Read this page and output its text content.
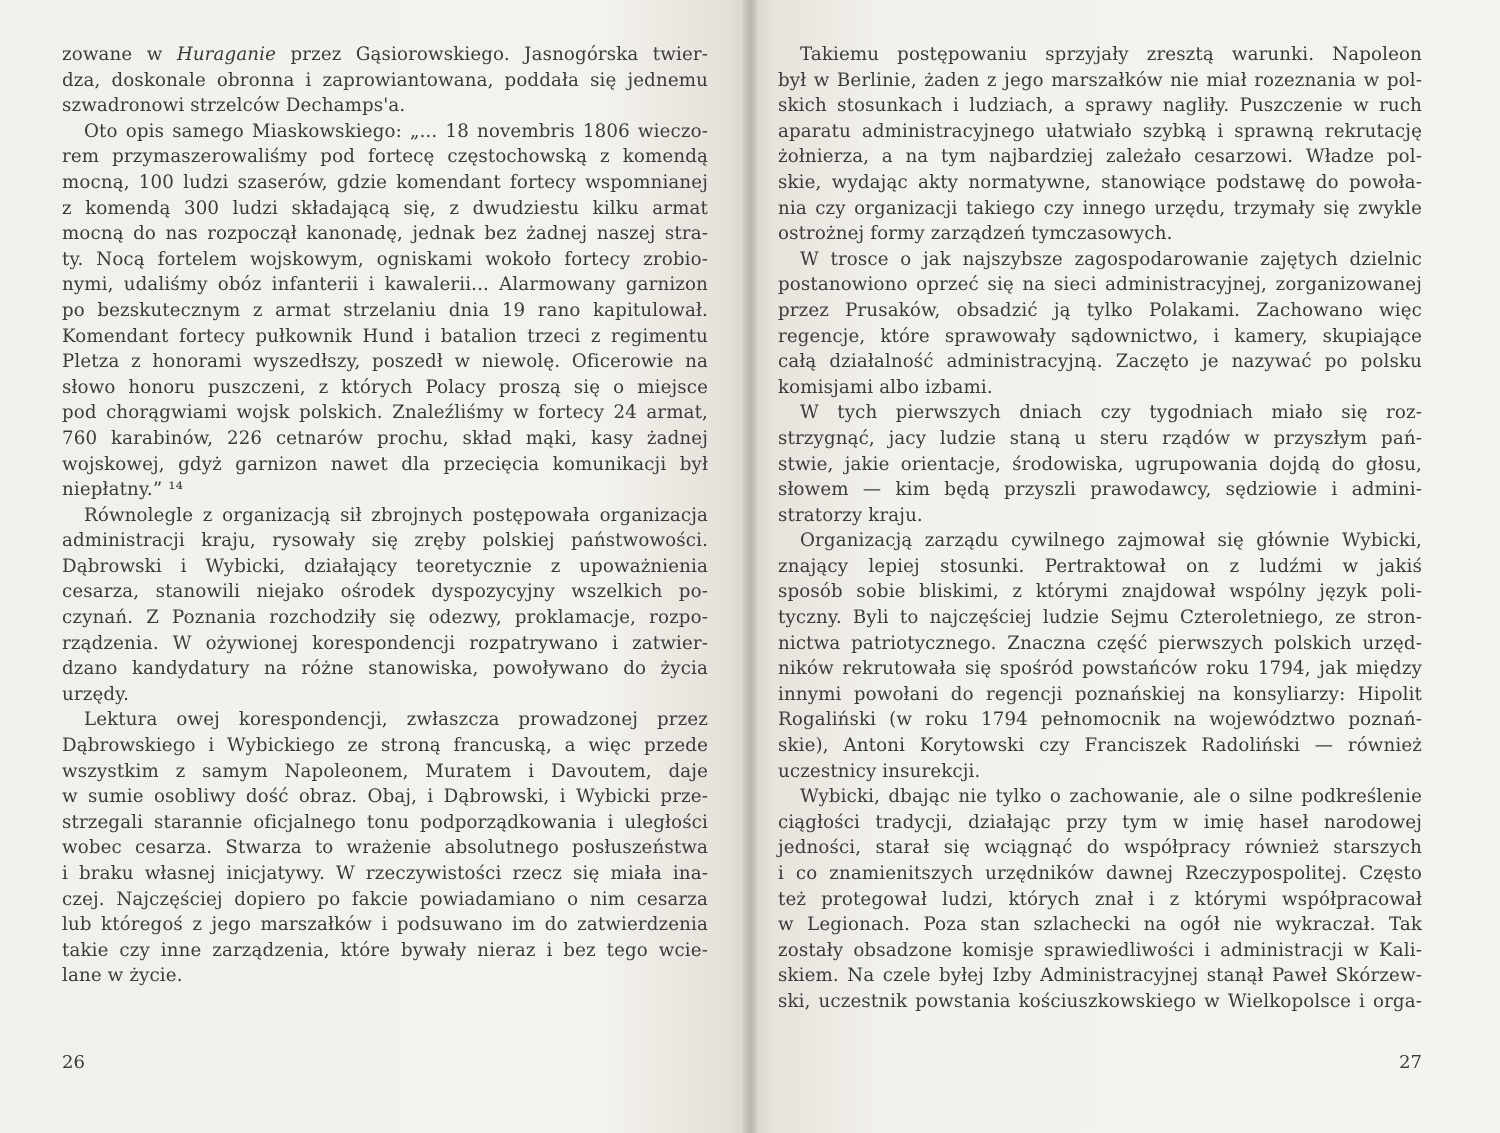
zowane w Huraganie przez Gąsiorowskiego. Jasnogórska twier-
dza, doskonale obronna i zaprowiantowana, poddała się jednemu
szwadronowi strzelców Dechamps'a.
Oto opis samego Miaskowskiego: „... 18 novembris 1806 wieczo-
rem przymaszerowaliśmy pod fortecę częstochowską z komendą
mocną, 100 ludzi szaserów, gdzie komendant fortecy wspomnianej
z komendą 300 ludzi składającą się, z dwudziestu kilku armat
mocną do nas rozpoczął kanonadę, jednak bez żadnej naszej stra-
ty. Nocą fortelem wojskowym, ogniskami wokoło fortecy zrobio-
nymi, udaliśmy obóz infanterii i kawalerii... Alarmowany garnizon
po bezskutecznym z armat strzelaniu dnia 19 rano kapitulował.
Komendant fortecy pułkownik Hund i batalion trzeci z regimentu
Pletza z honorami wyszedłszy, poszedł w niewolę. Oficerowie na
słowo honoru puszczeni, z których Polacy proszą się o miejsce
pod chorągwiami wojsk polskich. Znaleźliśmy w fortecy 24 armat,
760 karabinów, 226 cetnarów prochu, skład mąki, kasy żadnej
wojskowej, gdyż garnizon nawet dla przecięcia komunikacji był
niepłatny.” ¹⁴
Równolegle z organizacją sił zbrojnych postępowała organizacja
administracji kraju, rysowały się zręby polskiej państwowości.
Dąbrowski i Wybicki, działający teoretycznie z upoważnienia
cesarza, stanowili niejako ośrodek dyspozycyjny wszelkich po-
czynań. Z Poznania rozchodziły się odezwy, proklamacje, rozpo-
rządzenia. W ożywionej korespondencji rozpatrywano i zatwier-
dzano kandydatury na różne stanowiska, powoływano do życia
urzędy.
Lektura owej korespondencji, zwłaszcza prowadzonej przez
Dąbrowskiego i Wybickiego ze stroną francuską, a więc przede
wszystkim z samym Napoleonem, Muratem i Davoutem, daje
w sumie osobliwy dość obraz. Obaj, i Dąbrowski, i Wybicki prze-
strzegali starannie oficjalnego tonu podporządkowania i uległości
wobec cesarza. Stwarza to wrażenie absolutnego posłuszeństwa
i braku własnej inicjatywy. W rzeczywistości rzecz się miała ina-
czej. Najczęściej dopiero po fakcie powiadamiano o nim cesarza
lub któregoś z jego marszałków i podsuwano im do zatwierdzenia
takie czy inne zarządzenia, które bywały nieraz i bez tego wcie-
lane w życie.
26
Takiemu postępowaniu sprzyjały zresztą warunki. Napoleon
był w Berlinie, żaden z jego marszałków nie miał rozeznania w pol-
skich stosunkach i ludziach, a sprawy nagliły. Puszczenie w ruch
aparatu administracyjnego ułatwiało szybką i sprawną rekrutację
żołnierza, a na tym najbardziej zależało cesarzowi. Władze pol-
skie, wydając akty normatywne, stanowiące podstawę do powoła-
nia czy organizacji takiego czy innego urzędu, trzymały się zwykle
ostrożnej formy zarządzeń tymczasowych.
W trosce o jak najszybsze zagospodarowanie zajętych dzielnic
postanowiono oprzeć się na sieci administracyjnej, zorganizowanej
przez Prusaków, obsadzić ją tylko Polakami. Zachowano więc
regencje, które sprawowały sądownictwo, i kamery, skupiające
całą działalność administracyjną. Zaczęto je nazywać po polsku
komisjami albo izbami.
W tych pierwszych dniach czy tygodniach miało się roz-
strzygnąć, jacy ludzie staną u steru rządów w przyszłym pań-
stwie, jakie orientacje, środowiska, ugrupowania dojdą do głosu,
słowem — kim będą przyszli prawodawcy, sędziowie i admini-
stratorzy kraju.
Organizacją zarządu cywilnego zajmował się głównie Wybicki,
znający lepiej stosunki. Pertraktował on z ludźmi w jakiś
sposób sobie bliskimi, z którymi znajdował wspólny język poli-
tyczny. Byli to najczęściej ludzie Sejmu Czteroletniego, ze stron-
nictwa patriotycznego. Znaczna część pierwszych polskich urzęd-
ników rekrutowała się spośród powstańców roku 1794, jak między
innymi powołani do regencji poznańskiej na konsyliarzy: Hipolit
Rogaliński (w roku 1794 pełnomocnik na województwo poznań-
skie), Antoni Korytowski czy Franciszek Radoliński — również
uczestnicy insurekcji.
Wybicki, dbając nie tylko o zachowanie, ale o silne podkreślenie
ciągłości tradycji, działając przy tym w imię haseł narodowej
jedności, starał się wciągnąć do współpracy również starszych
i co znamienitszych urzędników dawnej Rzeczypospolitej. Często
też protegował ludzi, których znał i z którymi współpracował
w Legionach. Poza stan szlachecki na ogół nie wykraczał. Tak
zostały obsadzone komisje sprawiedliwości i administracji w Kali-
skiem. Na czele byłej Izby Administracyjnej stanął Paweł Skórzew-
ski, uczestnik powstania kościuszkowskiego w Wielkopolsce i orga-
27
